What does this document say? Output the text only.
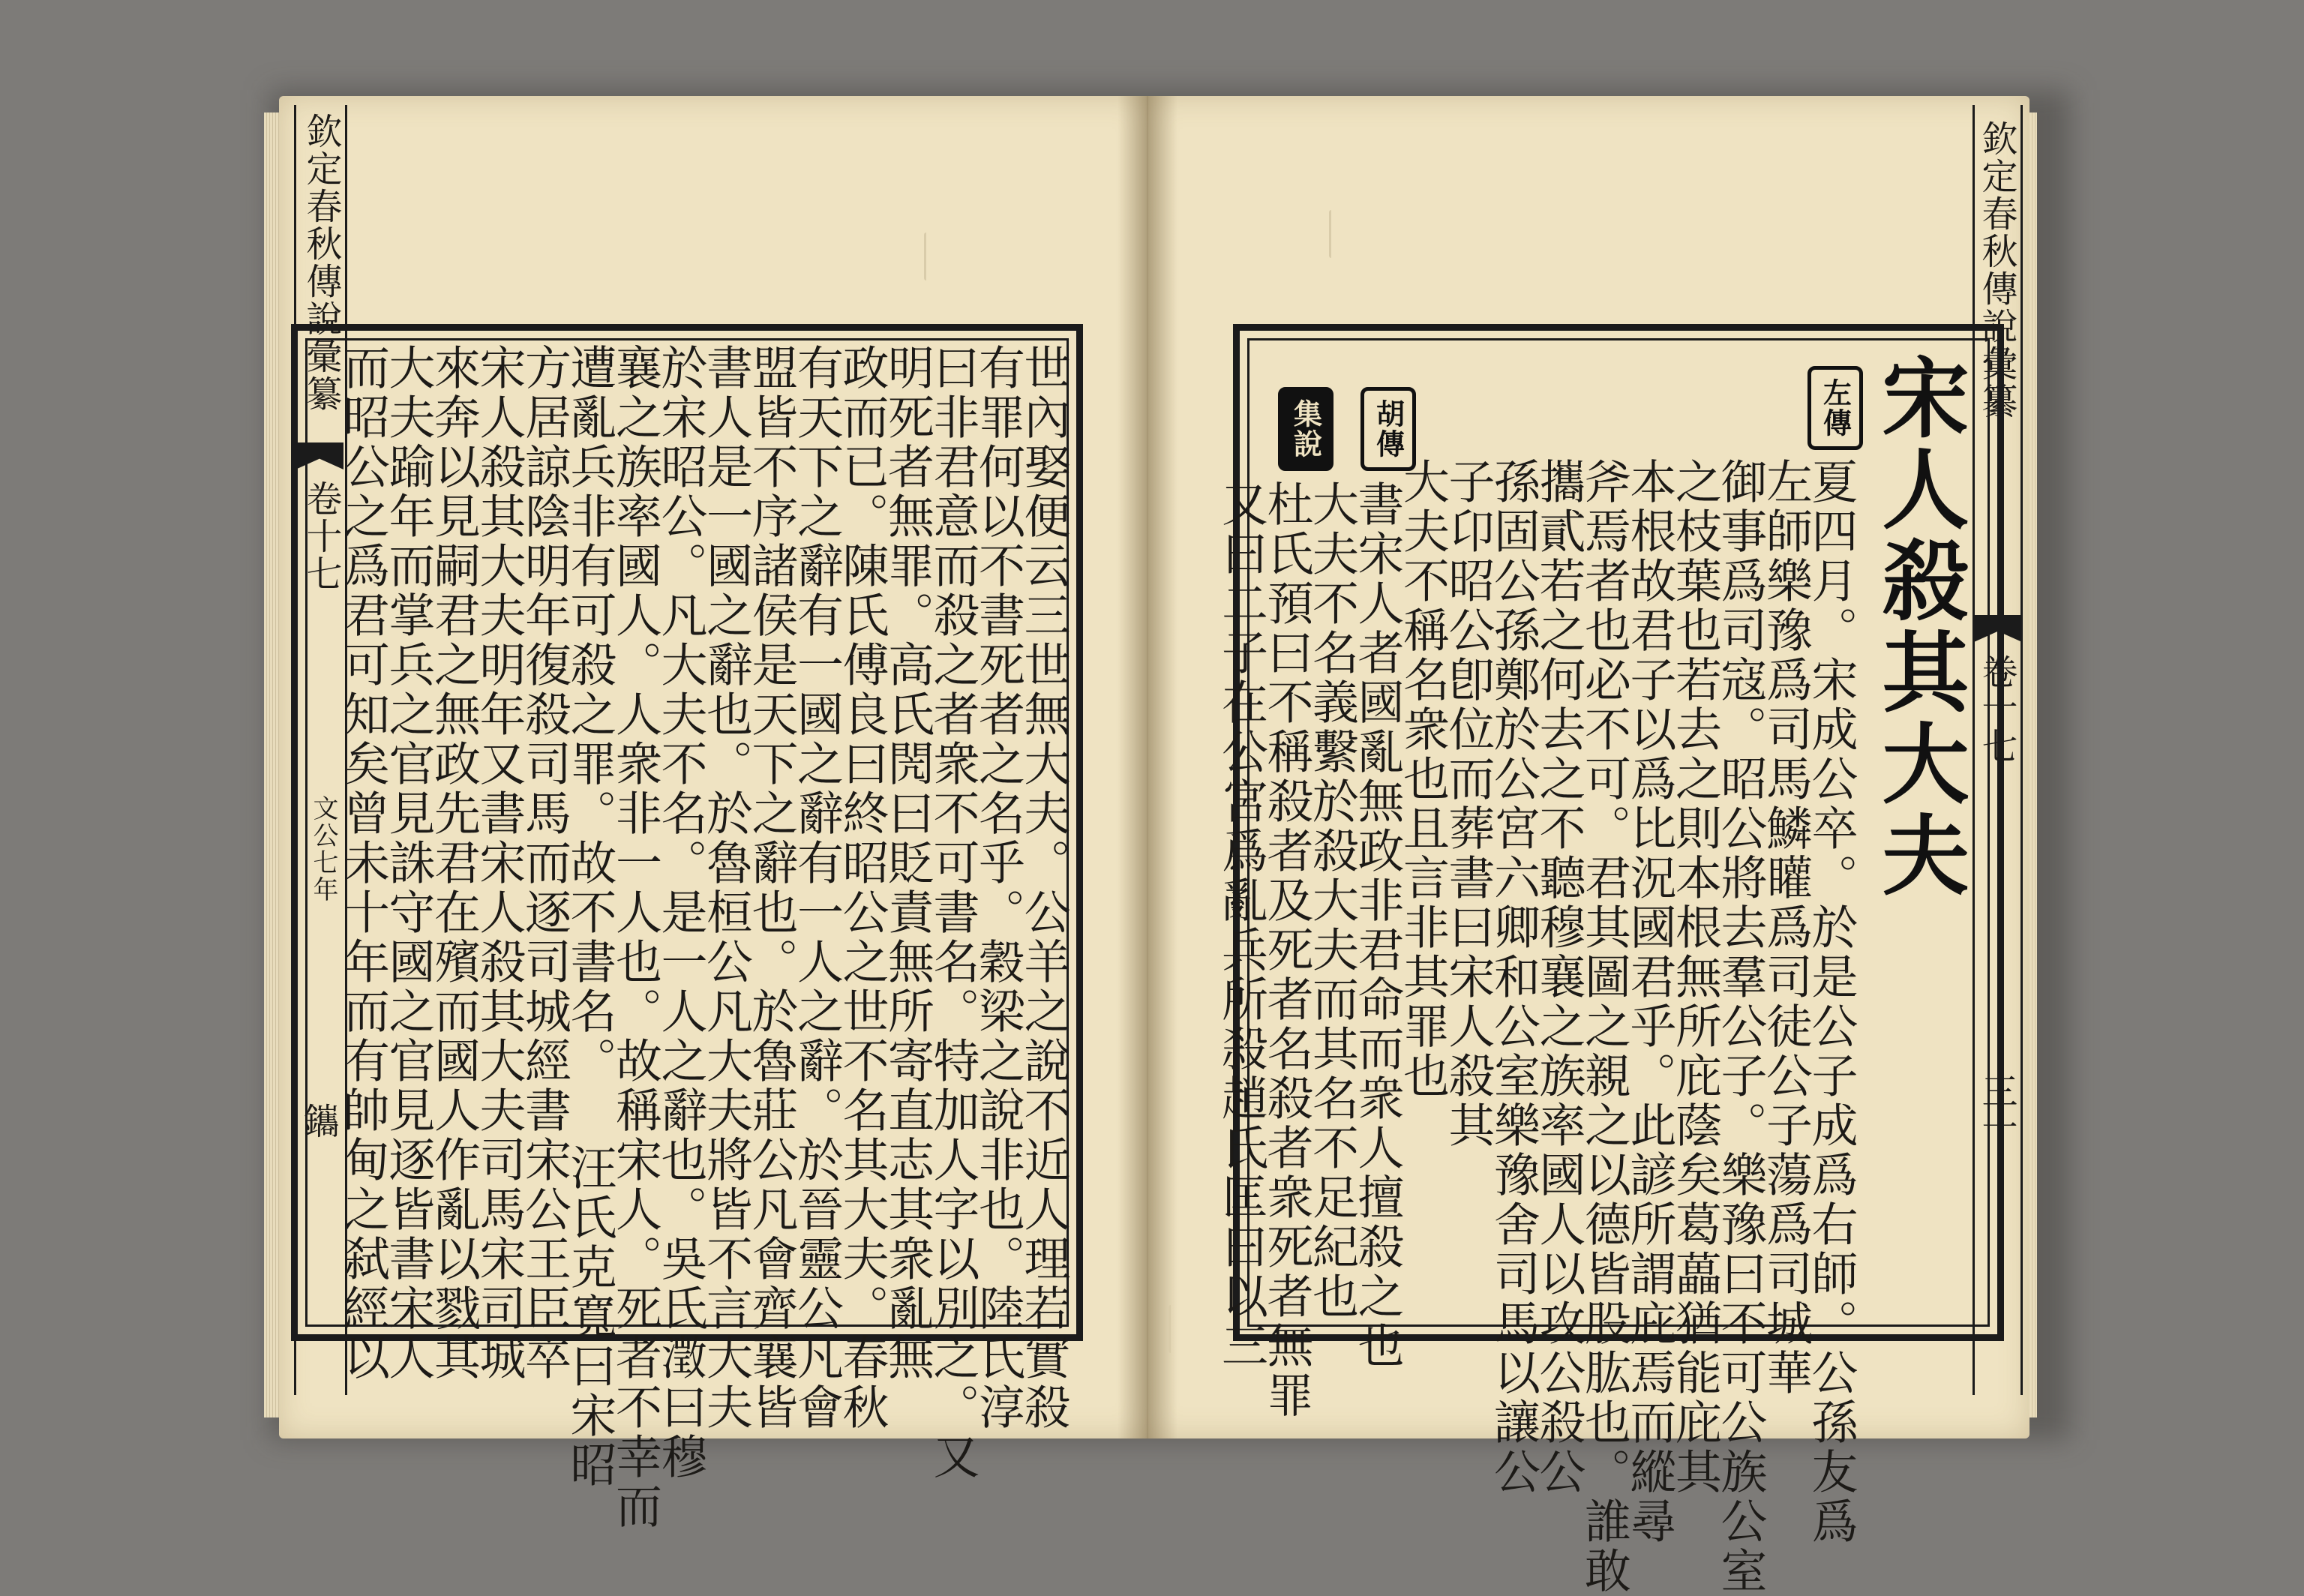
欽定春秋傳說彙纂
卷十七
文公七年
鑴	世內娶便云三世無大夫。公羊之說不近人理若實殺
有罪何以不書死者之名乎。穀梁之說非也。陸氏淳
曰非君意而殺之者衆不可書名。特加人字以別之。又
明死者無罪。高氏閌曰貶責無所寄直志其衆亂無
政而已。陳氏傅良曰終昭公之世不名其大夫。春秋
有天下之辭有一國之辭有一人之辭。於晉靈公凡會
盟皆不序諸侯是天下之辭也。於魯莊公凡會齊襄皆
書人是一國之辭也。於魯桓公凡大夫將皆不言大夫
於宋昭公。凡大夫不名。是一人之辭也。吳氏澂曰穆
襄之族率國人。人衆非一人也。故稱宋人。死者不幸而
遭亂兵非有可殺之罪。故不書名。 汪氏克寬曰宋昭
方居諒陰明年復殺司馬而逐司城經書宋公王臣卒
宋人殺其大夫明年又書宋人殺其大夫司馬宋司城
來奔以見嗣君之無政先君在殯而國人作亂以戮其
大夫踰年而掌兵之官見誅守國之官見逐皆書宋人
而昭公之爲君可知矣曾未十年而有帥甸之弑經以
欽定春秋傳說彙纂
卷十七
三十
宋人殺其大夫
左傳
胡傳
集說
夏四月。宋成公卒。於是公子成爲右師。公孫友爲
左師樂豫爲司馬鱗矔爲司徒公子蕩爲司城華
御事爲司寇。昭公將去羣公子。樂豫曰不可公族公室
之枝葉也若去之則本根無所庇蔭矣葛藟猶能庇其
本根故君子以爲比況國君乎。此諺所謂庇焉而縱尋
斧焉者也必不可。君其圖之親之以德皆股肱也。誰敢
攜貳若之何去之不聽穆襄之族率國人以攻公殺公
孫固公孫鄭於公宮六卿和公室樂豫舍司馬以讓公
子卬昭公卽位而葬書曰宋人殺其
大夫不稱名衆也且言非其罪也
書宋人者國亂無政非君命而衆人擅殺之也
大夫不名義繫於殺大夫而其名不足紀也
杜氏預曰不稱殺者及死者名殺者衆死者無罪
又曰二子在公宮爲亂兵所殺趙氏匡曰以三
